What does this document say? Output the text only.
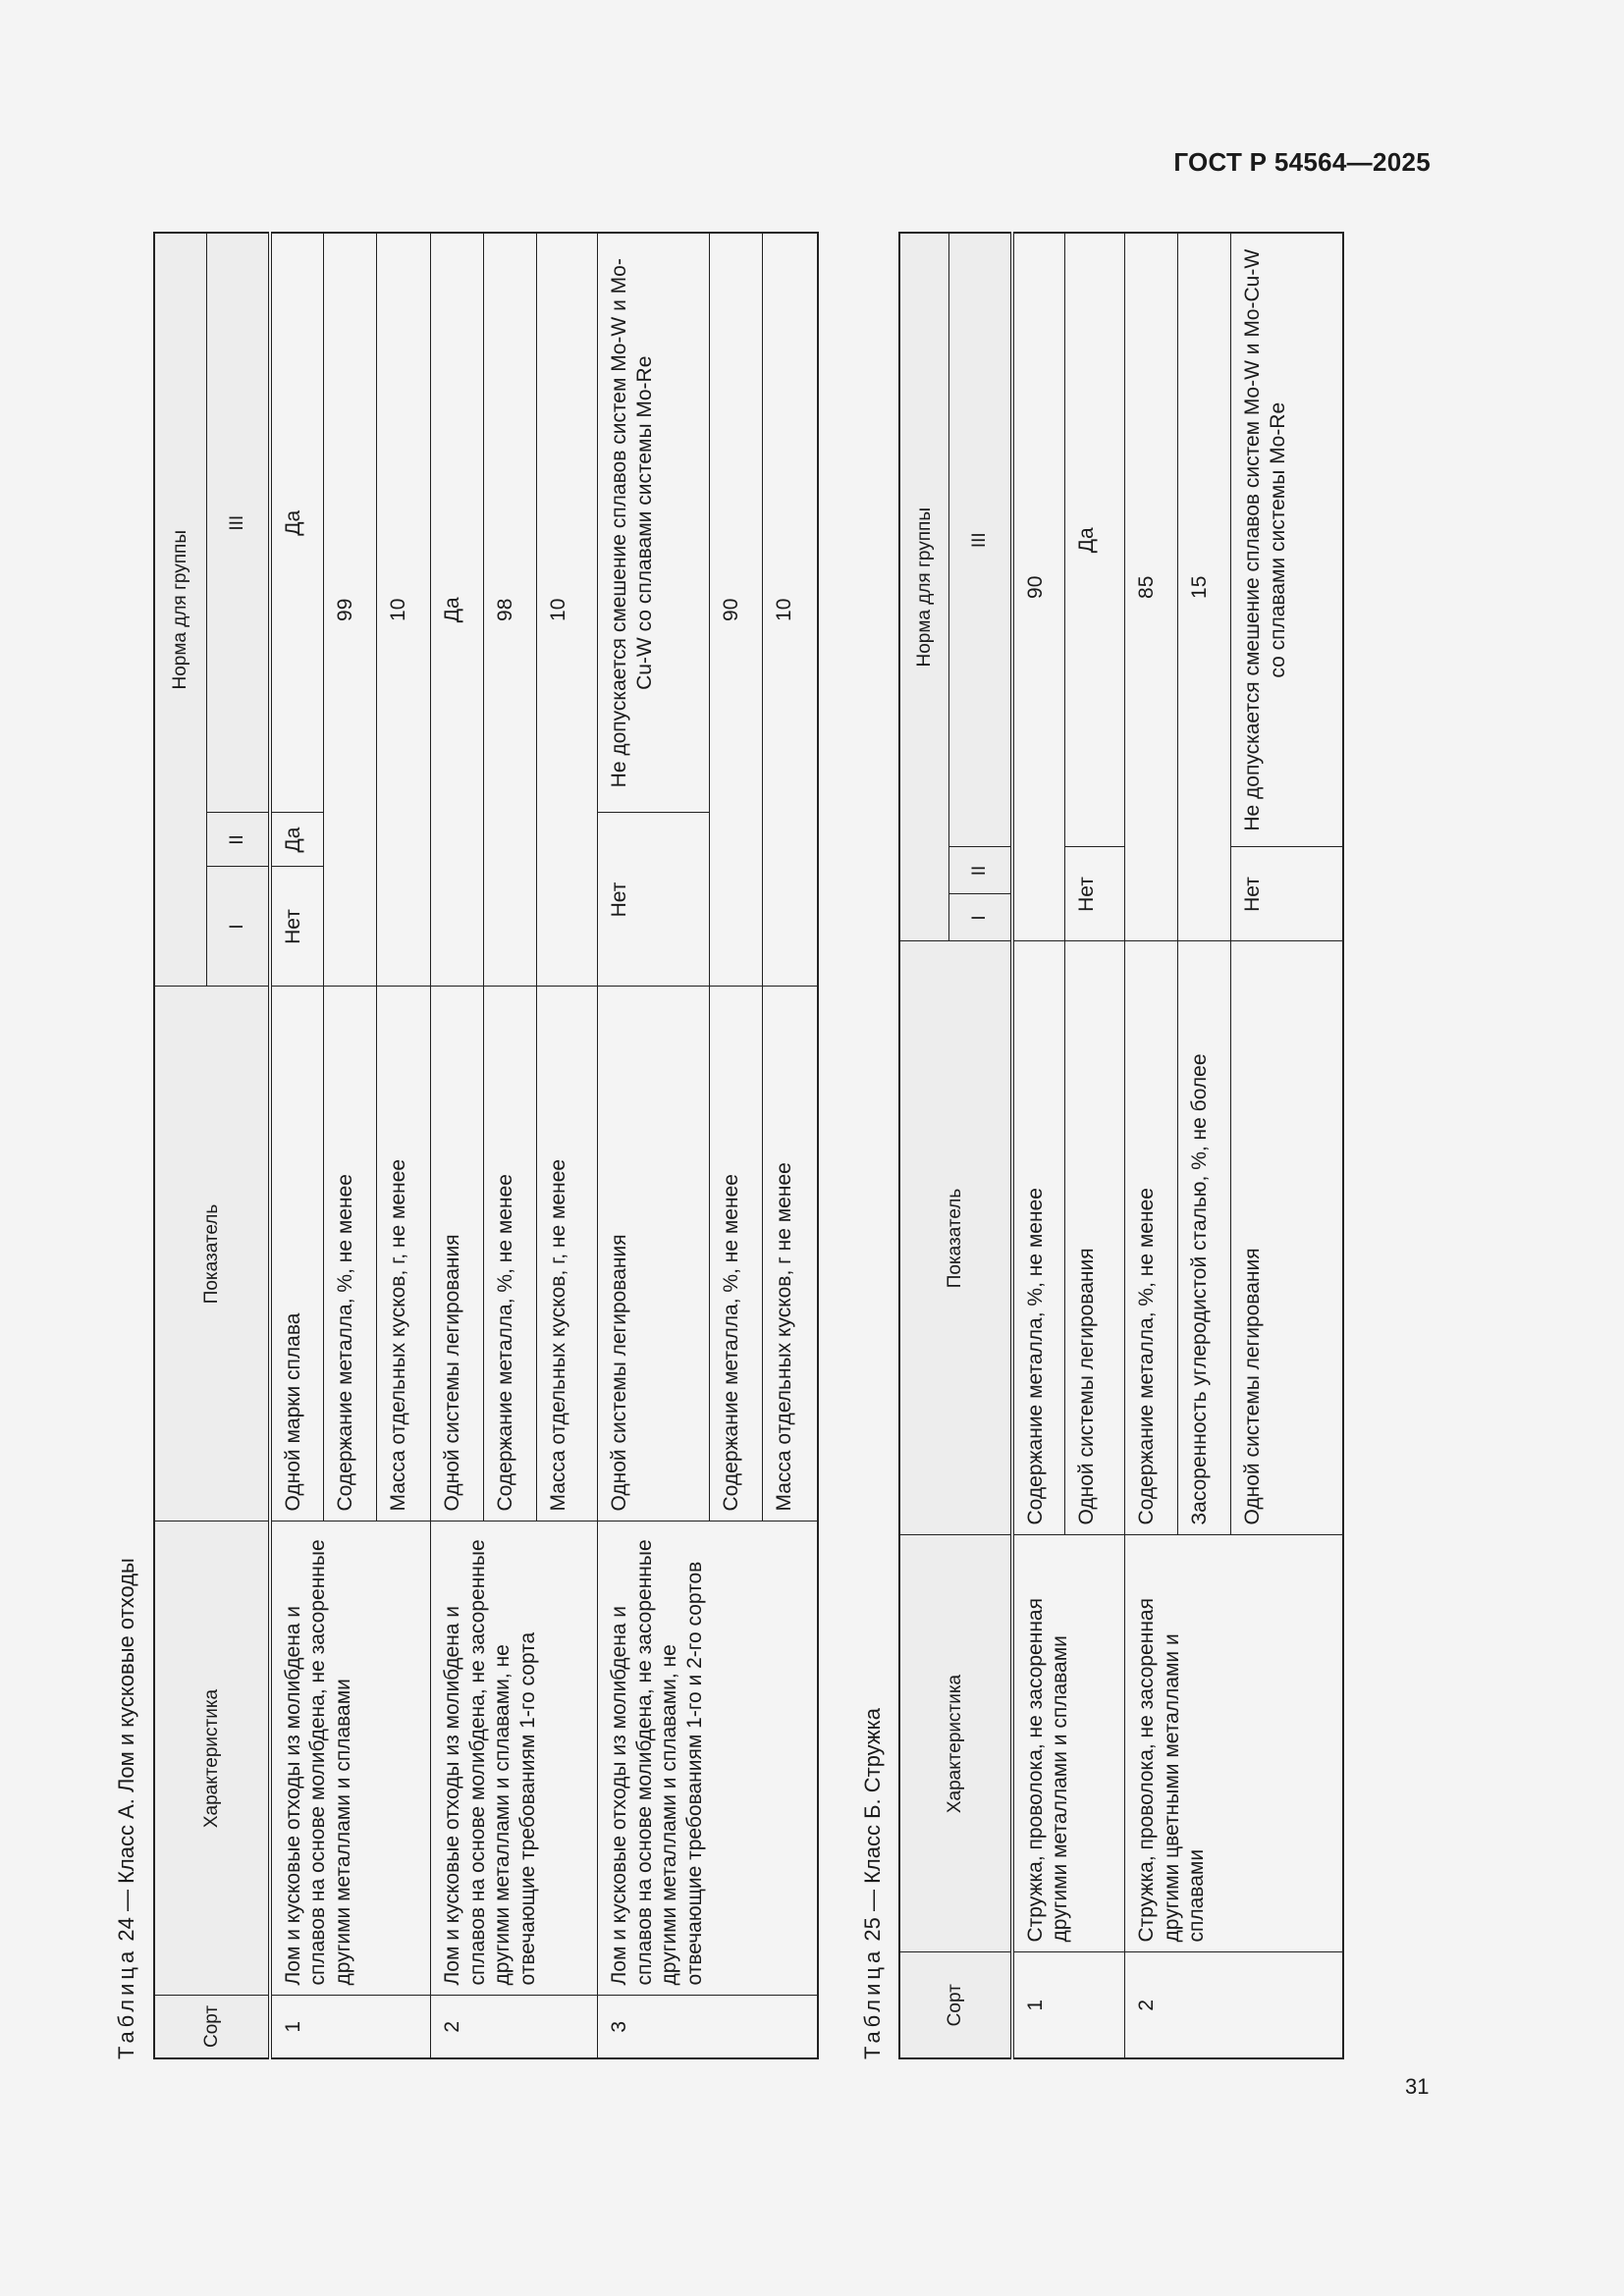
ГОСТ Р 54564—2025
Таблица 24 — Класс А. Лом и кусковые отходы
Сорт	Характеристика	Показатель	Норма для группы		
			I	II	III
1	Лом и кусковые отходы из молибдена и сплавов на основе молибдена, не засоренные другими металлами и сплавами	Одной марки сплава	Нет	Да	Да
		Содержание металла, %, не менее	99		
		Масса отдельных кусков, г, не менее	10		
2	Лом и кусковые отходы из молибдена и сплавов на основе молибдена, не засоренные другими металлами и сплавами, не отвечающие требованиям 1-го сорта	Одной системы легирования	Да		
		Содержание металла, %, не менее	98		
		Масса отдельных кусков, г, не менее	10		
3	Лом и кусковые отходы из молибдена и сплавов на основе молибдена, не засоренные другими металлами и сплавами, не отвечающие требованиям 1-го и 2-го сортов	Одной системы легирования	Нет		Не допускается смешение сплавов систем Mo-W и Mo-Cu-W со сплавами системы Mo-Re
		Содержание металла, %, не менее	90		
		Масса отдельных кусков, г не менее	10		
Таблица 25 — Класс Б. Стружка
Сорт	Характеристика	Показатель	Норма для группы		
			I	II	III
1	Стружка, проволока, не засоренная другими металлами и сплавами	Содержание металла, %, не менее	90		
		Одной системы легирования	Нет		Да
2	Стружка, проволока, не засоренная другими цветными металлами и сплавами	Содержание металла, %, не менее	85		
		Засоренность углеродистой сталью, %, не более	15		
		Одной системы легирования	Нет		Не допускается смешение сплавов систем Mo-W и Mo-Cu-W со сплавами системы Mo-Re
31
